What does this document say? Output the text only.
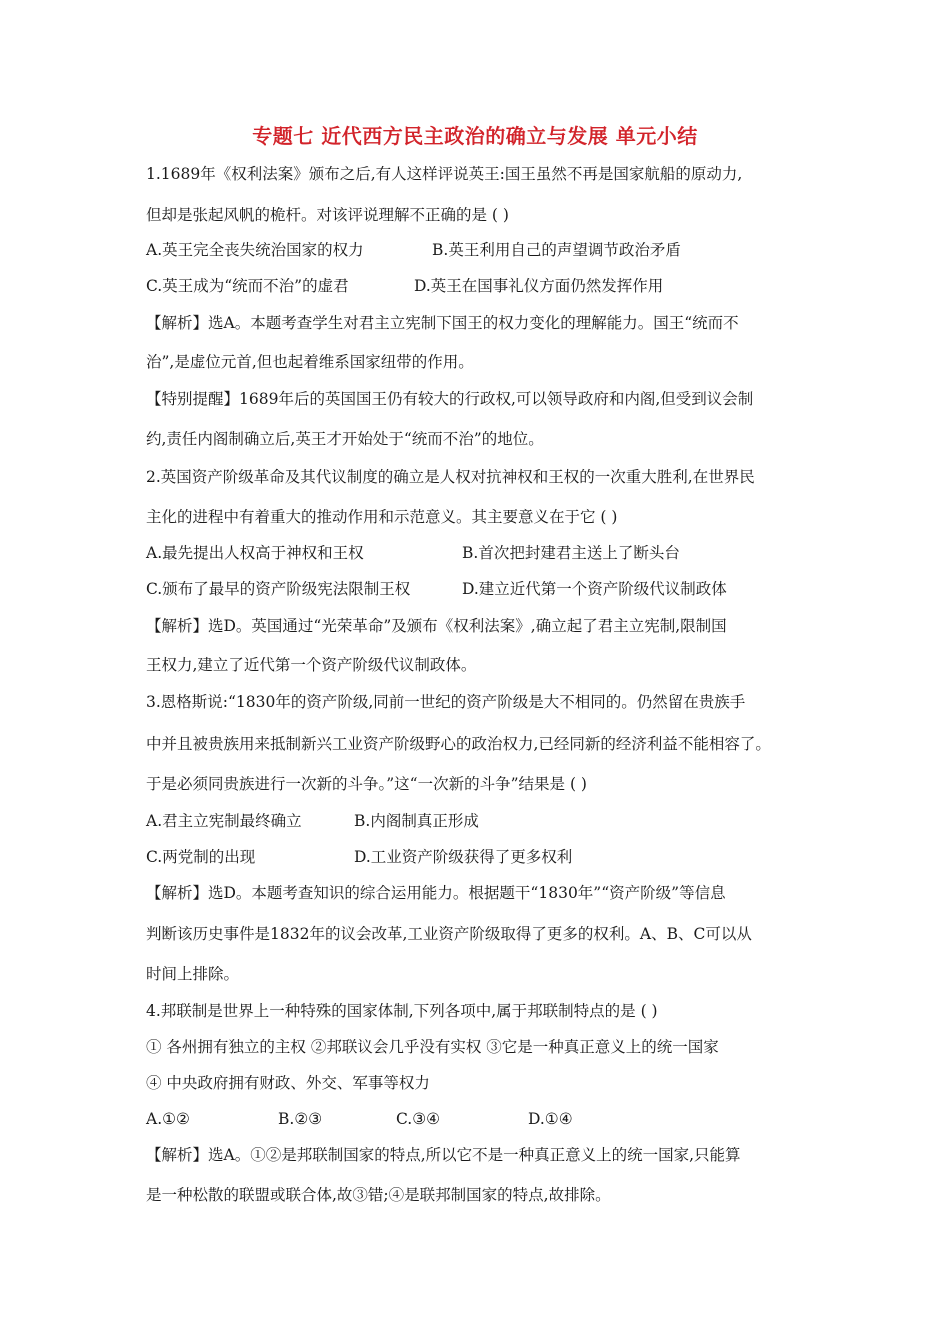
专题七 近代西方民主政治的确立与发展 单元小结
1.1689年《权利法案》颁布之后,有人这样评说英王:国王虽然不再是国家航船的原动力,
但却是张起风帆的桅杆。对该评说理解不正确的是 ( )
A.英王完全丧失统治国家的权力	B.英王利用自己的声望调节政治矛盾
C.英王成为“统而不治”的虚君	D.英王在国事礼仪方面仍然发挥作用
【解析】选A。本题考查学生对君主立宪制下国王的权力变化的理解能力。国王“统而不
治”,是虚位元首,但也起着维系国家纽带的作用。
【特别提醒】1689年后的英国国王仍有较大的行政权,可以领导政府和内阁,但受到议会制
约,责任内阁制确立后,英王才开始处于“统而不治”的地位。
2.英国资产阶级革命及其代议制度的确立是人权对抗神权和王权的一次重大胜利,在世界民
主化的进程中有着重大的推动作用和示范意义。其主要意义在于它 ( )
A.最先提出人权高于神权和王权	B.首次把封建君主送上了断头台
C.颁布了最早的资产阶级宪法限制王权	D.建立近代第一个资产阶级代议制政体
【解析】选D。英国通过“光荣革命”及颁布《权利法案》,确立起了君主立宪制,限制国
王权力,建立了近代第一个资产阶级代议制政体。
3.恩格斯说:“1830年的资产阶级,同前一世纪的资产阶级是大不相同的。仍然留在贵族手
中并且被贵族用来抵制新兴工业资产阶级野心的政治权力,已经同新的经济利益不能相容了。
于是必须同贵族进行一次新的斗争。”这“一次新的斗争”结果是 ( )
A.君主立宪制最终确立	B.内阁制真正形成
C.两党制的出现	D.工业资产阶级获得了更多权利
【解析】选D。本题考查知识的综合运用能力。根据题干“1830年”“资产阶级”等信息
判断该历史事件是1832年的议会改革,工业资产阶级取得了更多的权利。A、B、C可以从
时间上排除。
4.邦联制是世界上一种特殊的国家体制,下列各项中,属于邦联制特点的是 ( )
① 各州拥有独立的主权 ②邦联议会几乎没有实权 ③它是一种真正意义上的统一国家
④ 中央政府拥有财政、外交、军事等权力
A.①②	B.②③	C.③④	D.①④
【解析】选A。①②是邦联制国家的特点,所以它不是一种真正意义上的统一国家,只能算
是一种松散的联盟或联合体,故③错;④是联邦制国家的特点,故排除。
